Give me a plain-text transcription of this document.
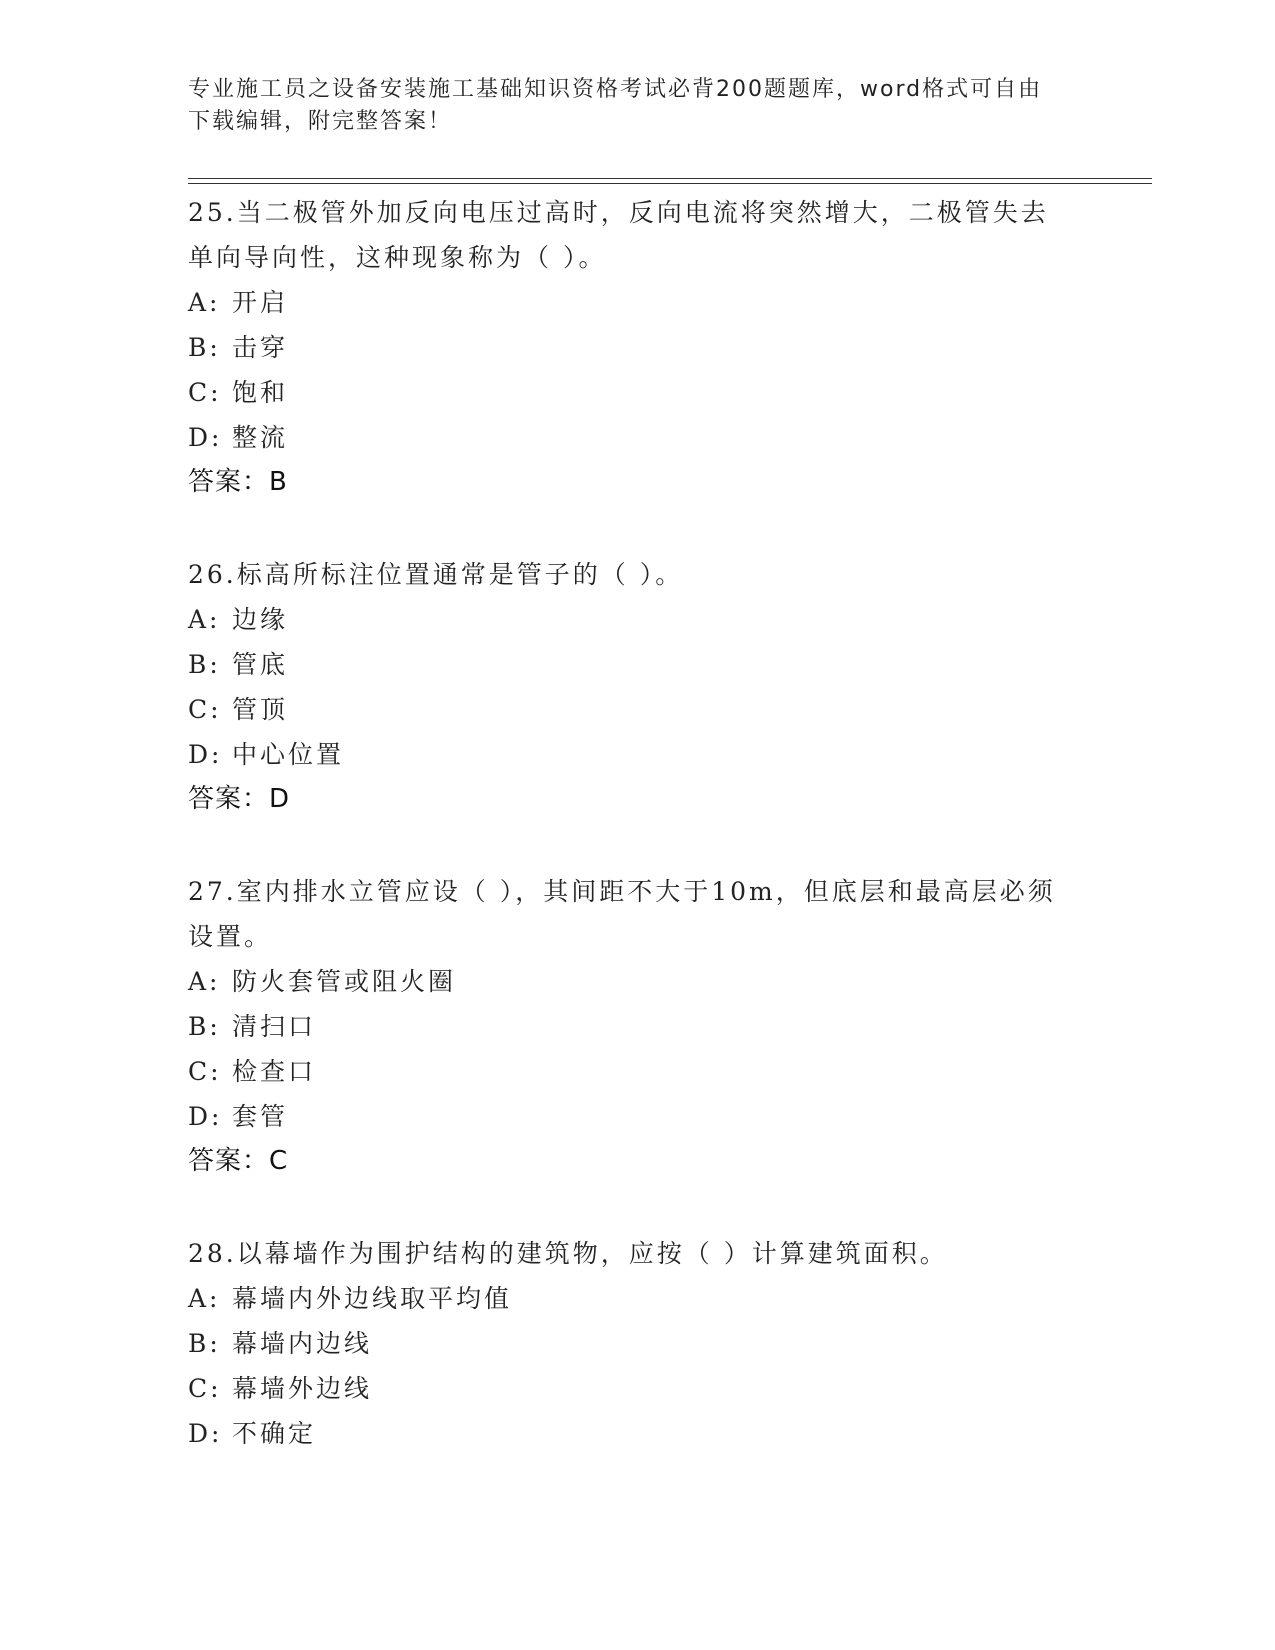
专业施工员之设备安装施工基础知识资格考试必背200题题库，word格式可自由
下载编辑，附完整答案！

25.当二极管外加反向电压过高时，反向电流将突然增大，二极管失去
单向导向性，这种现象称为（ ）。

A: 开启
B: 击穿
C: 饱和
D: 整流

答案：B

26.标高所标注位置通常是管子的（ ）。

A: 边缘
B: 管底
C: 管顶
D: 中心位置

答案：D

27.室内排水立管应设（ ），其间距不大于10m，但底层和最高层必须
设置。

A: 防火套管或阻火圈
B: 清扫口
C: 检查口
D: 套管

答案：C

28.以幕墙作为围护结构的建筑物，应按（ ）计算建筑面积。

A: 幕墙内外边线取平均值
B: 幕墙内边线
C: 幕墙外边线
D: 不确定
